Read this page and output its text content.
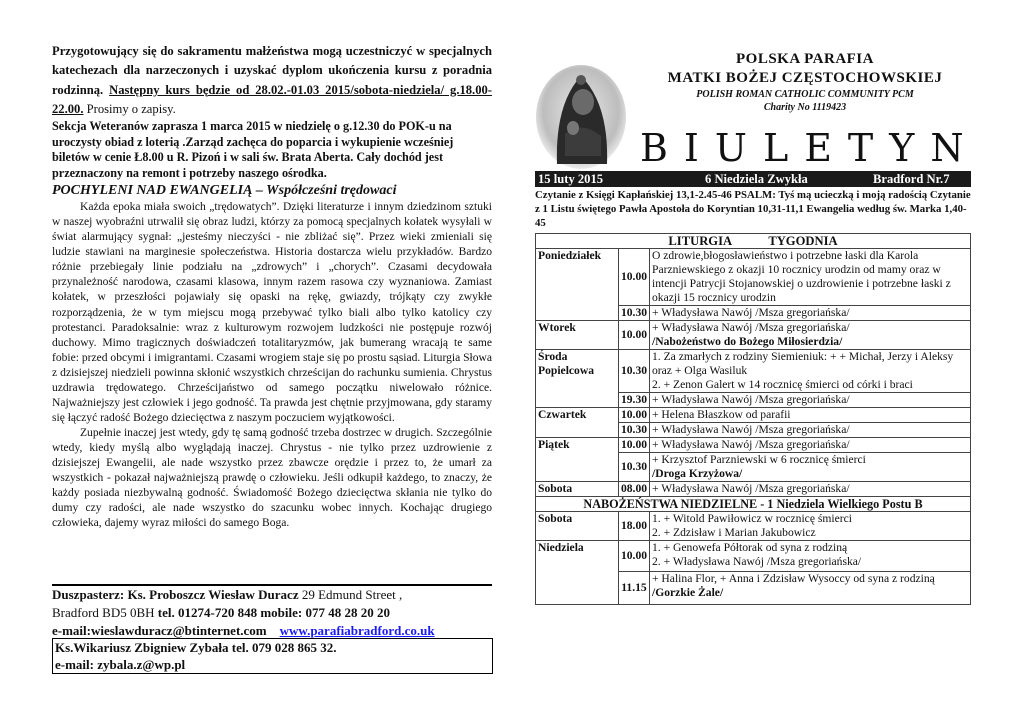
Przygotowujący się do sakramentu małżeństwa mogą uczestniczyć w specjalnych katechezach dla narzeczonych i uzyskać dyplom ukończenia kursu z poradnia rodzinną. Następny kurs będzie od 28.02.-01.03 2015/sobota-niedziela/ g.18.00-22.00. Prosimy o zapisy.

Sekcja Weteranów zaprasza 1 marca 2015 w niedzielę o g.12.30 do POK-u na uroczysty obiad z loterią .Zarząd zachęca do poparcia i wykupienie wcześniej biletów w cenie Ł8.00 u R. Pizoń i w sali św. Brata Aberta. Cały dochód jest przeznaczony na remont i potrzeby naszego ośrodka.

POCHYLENI NAD EWANGELIĄ – Współcześni trędowaci

Każda epoka miała swoich „trędowatych”. Dzięki literaturze i innym dziedzinom sztuki w naszej wyobraźni utrwalił się obraz ludzi, którzy za pomocą specjalnych kołatek wysyłali w świat alarmujący sygnał: „jesteśmy nieczyści - nie zbliżać się”. Przez wieki zmieniali się ludzie stawiani na marginesie społeczeństwa. Historia dostarcza wielu przykładów. Bardzo różnie przebiegały linie podziału na „zdrowych” i „chorych”. Czasami decydowała przynależność narodowa, czasami klasowa, innym razem rasowa czy wyznaniowa. Zamiast kołatek, w przeszłości pojawiały się opaski na rękę, gwiazdy, trójkąty czy zwykłe rozporządzenia, że w tym miejscu mogą przebywać tylko biali albo tylko katolicy czy protestanci. Paradoksalnie: wraz z kulturowym rozwojem ludzkości nie postępuje rozwój duchowy. Mimo tragicznych doświadczeń totalitaryzmów, jak bumerang wracają te same fobie: przed obcymi i imigrantami. Czasami wrogiem staje się po prostu sąsiad. Liturgia Słowa z dzisiejszej niedzieli powinna skłonić wszystkich chrześcijan do rachunku sumienia. Chrystus uzdrawia trędowatego. Chrześcijaństwo od samego początku niwelowało różnice. Najważniejszy jest człowiek i jego godność. Ta prawda jest chętnie przyjmowana, gdy staramy się łączyć radość Bożego dziecięctwa z naszym poczuciem wyjątkowości.

Zupełnie inaczej jest wtedy, gdy tę samą godność trzeba dostrzec w drugich. Szczególnie wtedy, kiedy myślą albo wyglądają inaczej. Chrystus - nie tylko przez uzdrowienie z dzisiejszej Ewangelii, ale nade wszystko przez zbawcze orędzie i przez to, że umarł za wszystkich - pokazał najważniejszą prawdę o człowieku. Jeśli odkupił każdego, to znaczy, że każdy posiada niezbywalną godność. Świadomość Bożego dziecięctwa skłania nie tylko do dumy czy radości, ale nade wszystko do szacunku wobec innych. Kochając drugiego człowieka, dajemy wyraz miłości do samego Boga.

Duszpasterz: Ks. Proboszcz Wiesław Duracz 29 Edmund Street ,
Bradford BD5 0BH tel. 01274-720 848 mobile: 077 48 28 20 20
e-mail:wieslawduracz@btinternet.com www.parafiabradford.co.uk
Ks.Wikariusz Zbigniew Zybała tel. 079 028 865 32.
e-mail: zybala.z@wp.pl
POLSKA PARAFIA
MATKI BOŻEJ CZĘSTOCHOWSKIEJ
POLISH ROMAN CATHOLIC COMMUNITY PCM
Charity No 1119423
BIULETYN
15 luty 2015	6 Niedziela Zwykła	Bradford Nr.7
Czytanie z Księgi Kapłańskiej 13,1-2.45-46 PSALM: Tyś mą ucieczką i moją radością Czytanie z 1 Listu świętego Pawła Apostoła do Koryntian 10,31-11,1 Ewangelia według św. Marka 1,40-45
LITURGIA TYGODNIA		
Poniedziałek	10.00	O zdrowie,błogosławieństwo i potrzebne łaski dla Karola Parzniewskiego z okazji 10 rocznicy urodzin od mamy oraz w intencji Patrycji Stojanowskiej o uzdrowienie i potrzebne łaski z okazji 15 rocznicy urodzin
	10.30	+ Władysława Nawój /Msza gregoriańska/
Wtorek	10.00	+ Władysława Nawój /Msza gregoriańska/
/Nabożeństwo do Bożego Miłosierdzia/

Środa Popielcowa	10.30	1. Za zmarłych z rodziny Siemieniuk: + + Michał, Jerzy i Aleksy oraz + Olga Wasiluk
2. + Zenon Galert w 14 rocznicę śmierci od córki i braci

	19.30	+ Władysława Nawój /Msza gregoriańska/
Czwartek	10.00	+ Helena Błaszkow od parafii
	10.30	+ Władysława Nawój /Msza gregoriańska/
Piątek	10.00	+ Władysława Nawój /Msza gregoriańska/
	10.30	+ Krzysztof Parzniewski w 6 rocznicę śmierci
/Droga Krzyżowa/

Sobota	08.00	+ Władysława Nawój /Msza gregoriańska/
NABOŻEŃSTWA NIEDZIELNE - 1 Niedziela Wielkiego Postu B		
Sobota	18.00	1. + Witold Pawiłowicz w rocznicę śmierci
2. + Zdzisław i Marian Jakubowicz

Niedziela	10.00	1. + Genowefa Półtorak od syna z rodziną
2. + Władysława Nawój /Msza gregoriańska/

	11.15	+ Halina Flor, + Anna i Zdzisław Wysoccy od syna z rodziną /Gorzkie Żale/
